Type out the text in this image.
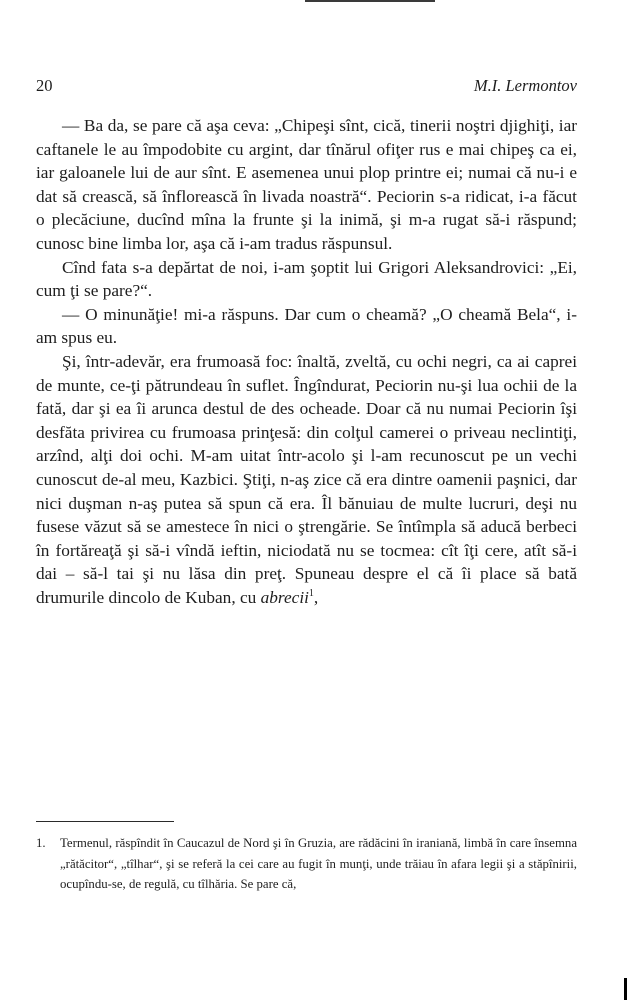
20	M.I. Lermontov

— Ba da, se pare că aşa ceva: „Chipeşi sînt, cică, tinerii noştri djighiţi, iar caftanele le au împodobite cu argint, dar tînărul ofiţer rus e mai chipeş ca ei, iar galoanele lui de aur sînt. E asemenea unui plop printre ei; numai că nu-i e dat să crească, să înflorească în livada noastră“. Peciorin s-a ridicat, i-a făcut o plecăciune, ducînd mîna la frunte şi la inimă, şi m-a rugat să-i răspund; cunosc bine limba lor, aşa că i-am tradus răspunsul.

Cînd fata s-a depărtat de noi, i-am şoptit lui Grigori Aleksandrovici: „Ei, cum ţi se pare?“.

— O minunăţie! mi-a răspuns. Dar cum o cheamă? „O cheamă Bela“, i-am spus eu.

Şi, într-adevăr, era frumoasă foc: înaltă, zveltă, cu ochi negri, ca ai caprei de munte, ce-ţi pătrundeau în suflet. Îngîndurat, Peciorin nu-şi lua ochii de la fată, dar şi ea îi arunca destul de des ocheade. Doar că nu numai Peciorin îşi desfăta privirea cu frumoasa prinţesă: din colţul camerei o priveau neclintiţi, arzînd, alţi doi ochi. M-am uitat într-acolo şi l-am recunoscut pe un vechi cunoscut de-al meu, Kazbici. Ştiţi, n-aş zice că era dintre oamenii paşnici, dar nici duşman n-aş putea să spun că era. Îl bănuiau de multe lucruri, deşi nu fusese văzut să se amestece în nici o ştrengărie. Se întîmpla să aducă berbeci în fortăreaţă şi să-i vîndă ieftin, niciodată nu se tocmea: cît îţi cere, atît să-i dai – să-l tai şi nu lăsa din preţ. Spuneau despre el că îi place să bată drumurile dincolo de Kuban, cu abrecii$^1$,

1. Termenul, răspîndit în Caucazul de Nord şi în Gruzia, are rădăcini în iraniană, limbă în care însemna „rătăcitor“, „tîlhar“, şi se referă la cei care au fugit în munţi, unde trăiau în afara legii şi a stăpînirii, ocupîndu-se, de regulă, cu tîlhăria. Se pare că,
